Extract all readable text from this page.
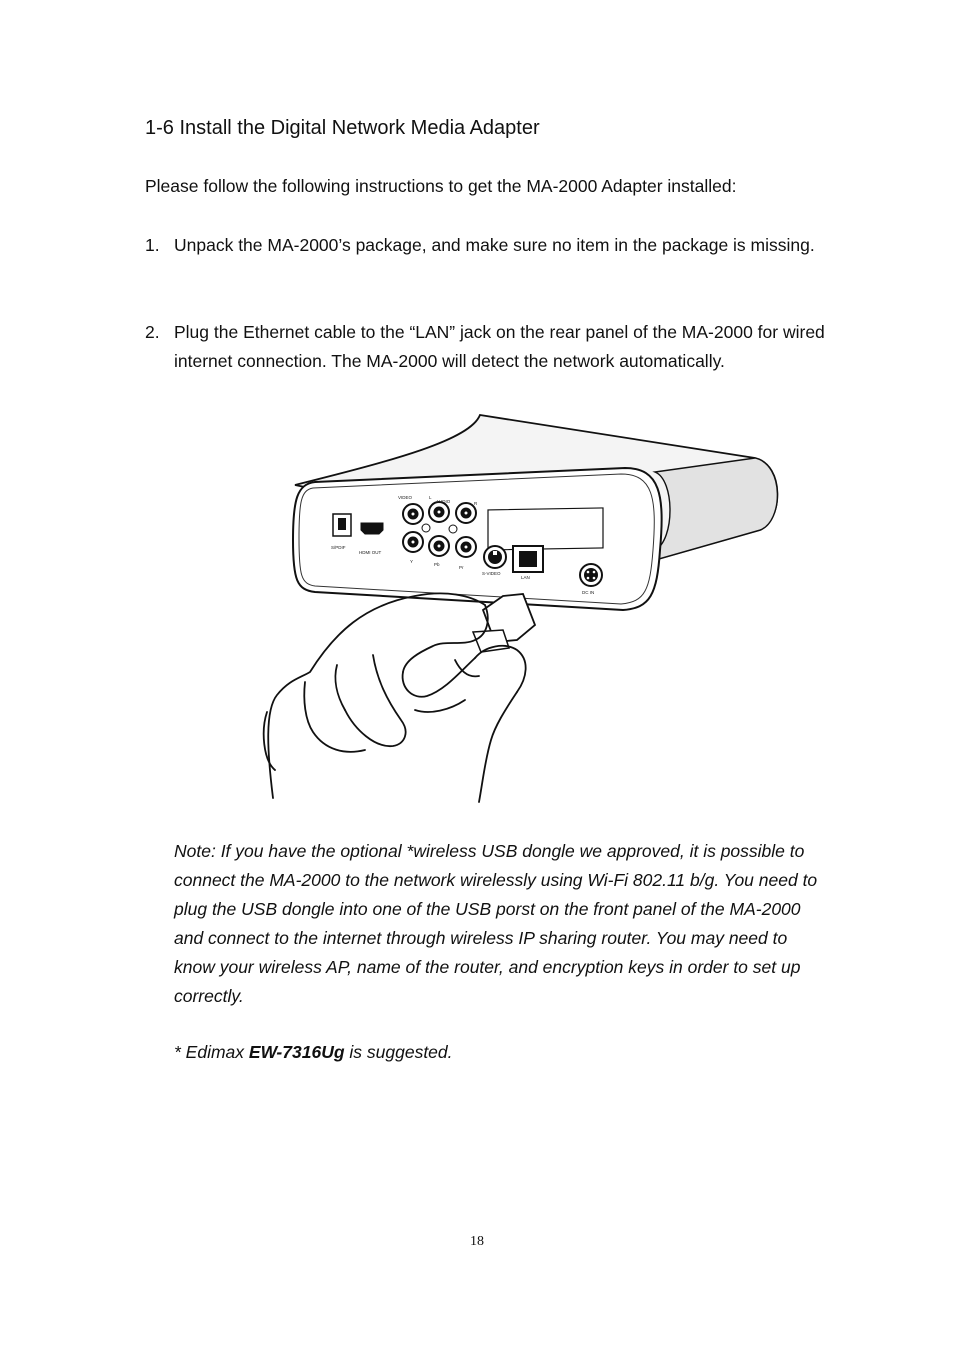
1-6 Install the Digital Network Media Adapter

Please follow the following instructions to get the MA-2000 Adapter installed:

1. Unpack the MA-2000’s package, and make sure no item in the package is missing.
2. Plug the Ethernet cable to the “LAN” jack on the rear panel of the MA-2000 for wired internet connection. The MA-2000 will detect the network automatically.
S/PDIF
HDMI OUT
VIDEO	L
AUDIO	R
Y
Pb
Pr
S-VIDEO
LAN
DC IN

Note: If you have the optional *wireless USB dongle we approved, it is possible to connect the MA-2000 to the network wirelessly using Wi-Fi 802.11 b/g. You need to plug the USB dongle into one of the USB porst on the front panel of the MA-2000 and connect to the internet through wireless IP sharing router. You may need to know your wireless AP, name of the router, and encryption keys in order to set up correctly.

* Edimax EW-7316Ug is suggested.

18
